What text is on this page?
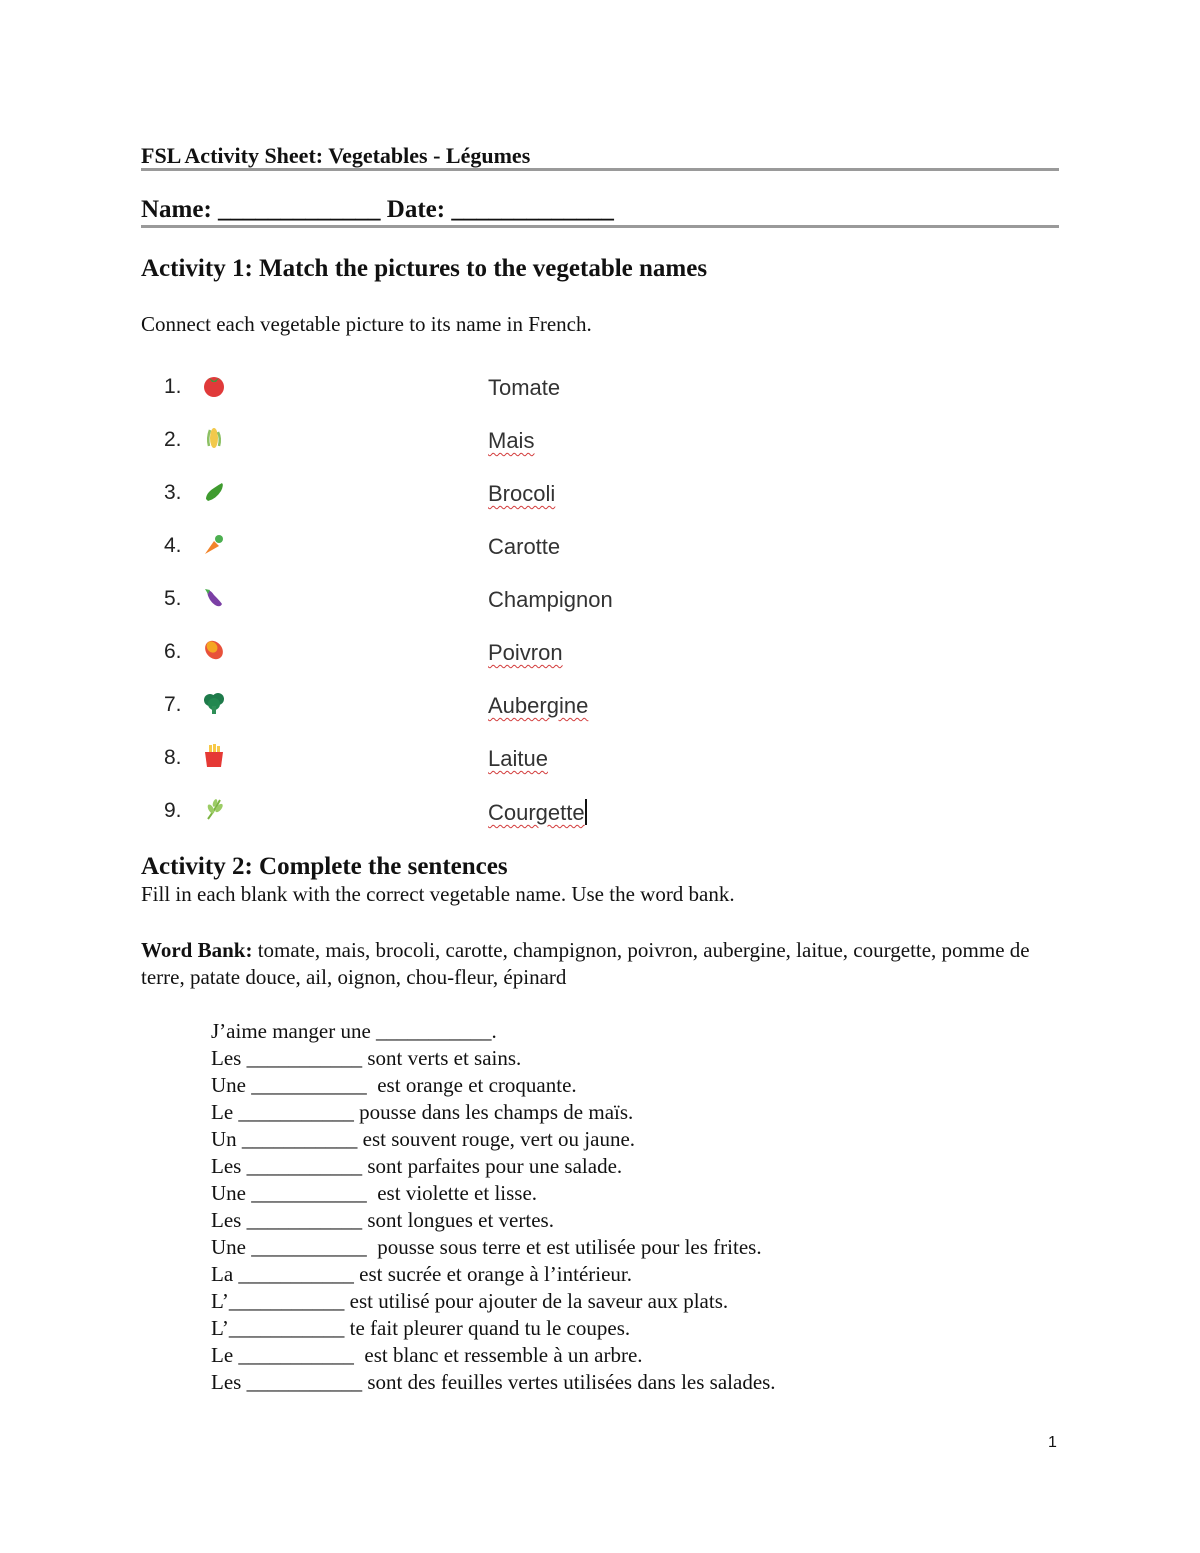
FSL Activity Sheet: Vegetables - Légumes
Name: _____________ Date: _____________
Activity 1: Match the pictures to the vegetable names
Connect each vegetable picture to its name in French.
1.	Tomate
2.	Mais
3.	Brocoli
4.	Carotte
5.	Champignon
6.	Poivron
7.	Aubergine
8.	Laitue
9.	Courgette
Activity 2: Complete the sentences
Fill in each blank with the correct vegetable name. Use the word bank.
Word Bank: tomate, mais, brocoli, carotte, champignon, poivron, aubergine, laitue, courgette, pomme de terre, patate douce, ail, oignon, chou-fleur, épinard
J’aime manger une ___________.
Les ___________ sont verts et sains.
Une ___________  est orange et croquante.
Le ___________ pousse dans les champs de maïs.
Un ___________ est souvent rouge, vert ou jaune.
Les ___________ sont parfaites pour une salade.
Une ___________  est violette et lisse.
Les ___________ sont longues et vertes.
Une ___________  pousse sous terre et est utilisée pour les frites.
La ___________ est sucrée et orange à l’intérieur.
L’___________ est utilisé pour ajouter de la saveur aux plats.
L’___________ te fait pleurer quand tu le coupes.
Le ___________  est blanc et ressemble à un arbre.
Les ___________ sont des feuilles vertes utilisées dans les salades.
1
